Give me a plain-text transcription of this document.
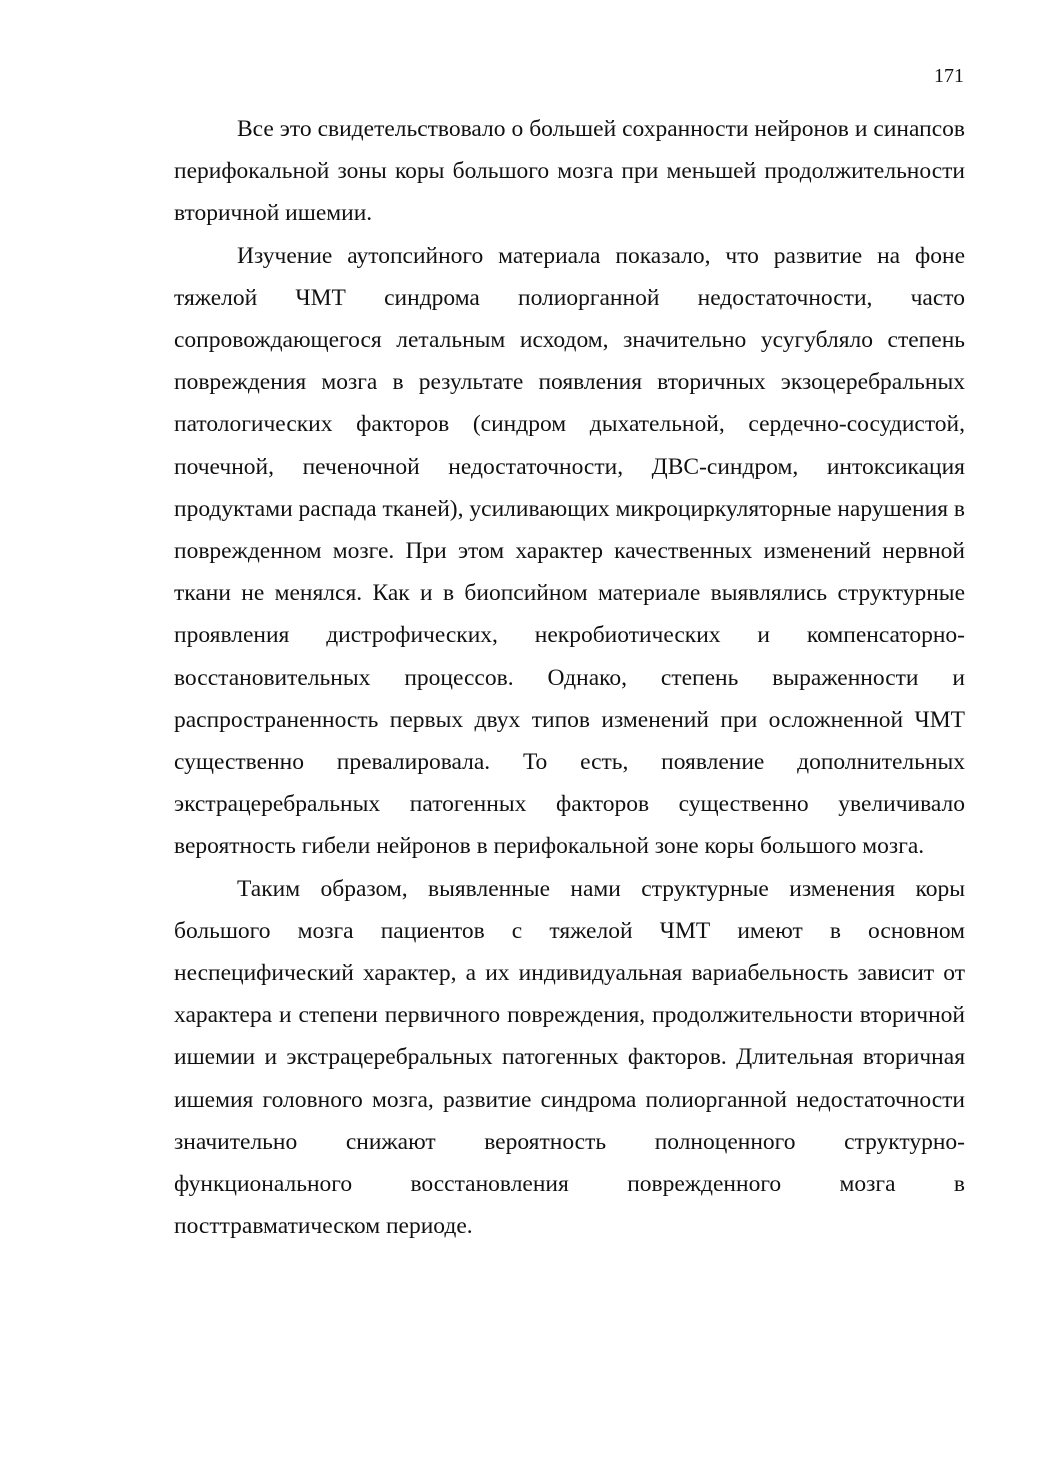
171

Все это свидетельствовало о большей сохранности нейронов и синапсов перифокальной зоны коры большого мозга при меньшей продолжительности вторичной ишемии.

Изучение аутопсийного материала показало, что развитие на фоне тяжелой ЧМТ синдрома полиорганной недостаточности, часто сопровождающегося летальным исходом, значительно усугубляло степень повреждения мозга в результате появления вторичных экзоцеребральных патологических факторов (синдром дыхательной, сердечно-сосудистой, почечной, печеночной недостаточности, ДВС-синдром, интоксикация продуктами распада тканей), усиливающих микроциркуляторные нарушения в поврежденном мозге. При этом характер качественных изменений нервной ткани не менялся. Как и в биопсийном материале выявлялись структурные проявления дистрофических, некробиотических и компенсаторно-восстановительных процессов. Однако, степень выраженности и распространенность первых двух типов изменений при осложненной ЧМТ существенно превалировала. То есть, появление дополнительных экстрацеребральных патогенных факторов существенно увеличивало вероятность гибели нейронов в перифокальной зоне коры большого мозга.

Таким образом, выявленные нами структурные изменения коры большого мозга пациентов с тяжелой ЧМТ имеют в основном неспецифический характер, а их индивидуальная вариабельность зависит от характера и степени первичного повреждения, продолжительности вторичной ишемии и экстрацеребральных патогенных факторов. Длительная вторичная ишемия головного мозга, развитие синдрома полиорганной недостаточности значительно снижают вероятность полноценного структурно-функционального восстановления поврежденного мозга в посттравматическом периоде.
